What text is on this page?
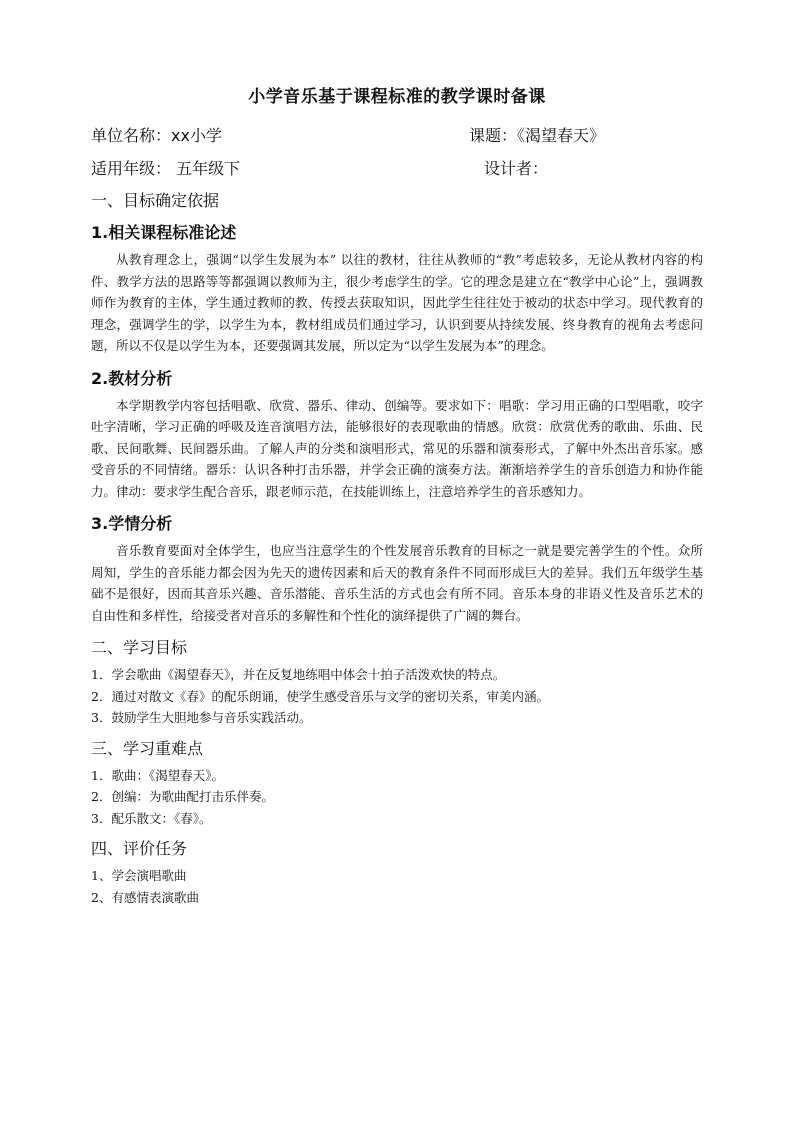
小学音乐基于课程标准的教学课时备课
单位名称：xx小学	课题：《渴望春天》
适用年级： 五年级下	设计者：
一、目标确定依据
1.相关课程标准论述

从教育理念上，强调“以学生发展为本” 以往的教材，往往从教师的“教”考虑较多，无论从教材内容的构件、教学方法的思路等等都强调以教师为主，很少考虑学生的学。它的理念是建立在“教学中心论”上，强调教师作为教育的主体，学生通过教师的教、传授去获取知识，因此学生往往处于被动的状态中学习。现代教育的理念，强调学生的学，以学生为本，教材组成员们通过学习，认识到要从持续发展、终身教育的视角去考虑问题，所以不仅是以学生为本，还要强调其发展，所以定为“以学生发展为本”的理念。

2.教材分析

本学期教学内容包括唱歌、欣赏、器乐、律动、创编等。要求如下：唱歌：学习用正确的口型唱歌，咬字吐字清晰，学习正确的呼吸及连音演唱方法，能够很好的表现歌曲的情感。欣赏：欣赏优秀的歌曲、乐曲、民歌、民间歌舞、民间器乐曲。了解人声的分类和演唱形式，常见的乐器和演奏形式，了解中外杰出音乐家。感受音乐的不同情绪。器乐：认识各种打击乐器，并学会正确的演奏方法。渐渐培养学生的音乐创造力和协作能力。律动：要求学生配合音乐，跟老师示范，在技能训练上，注意培养学生的音乐感知力。

3.学情分析

音乐教育要面对全体学生，也应当注意学生的个性发展音乐教育的目标之一就是要完善学生的个性。众所周知，学生的音乐能力都会因为先天的遗传因素和后天的教育条件不同而形成巨大的差异。我们五年级学生基础不是很好，因而其音乐兴趣、音乐潜能、音乐生活的方式也会有所不同。音乐本身的非语义性及音乐艺术的自由性和多样性，给接受者对音乐的多解性和个性化的演绎提供了广阔的舞台。

二、学习目标
1．学会歌曲《渴望春天》，并在反复地练唱中体会十拍子活泼欢快的特点。
2．通过对散文《春》的配乐朗诵，使学生感受音乐与文学的密切关系，审美内涵。
3．鼓励学生大胆地参与音乐实践活动。
三、学习重难点
1．歌曲：《渴望春天》。
2．创编：为歌曲配打击乐伴奏。
3．配乐散文：《春》。
四、评价任务
1、学会演唱歌曲
2、有感情表演歌曲
